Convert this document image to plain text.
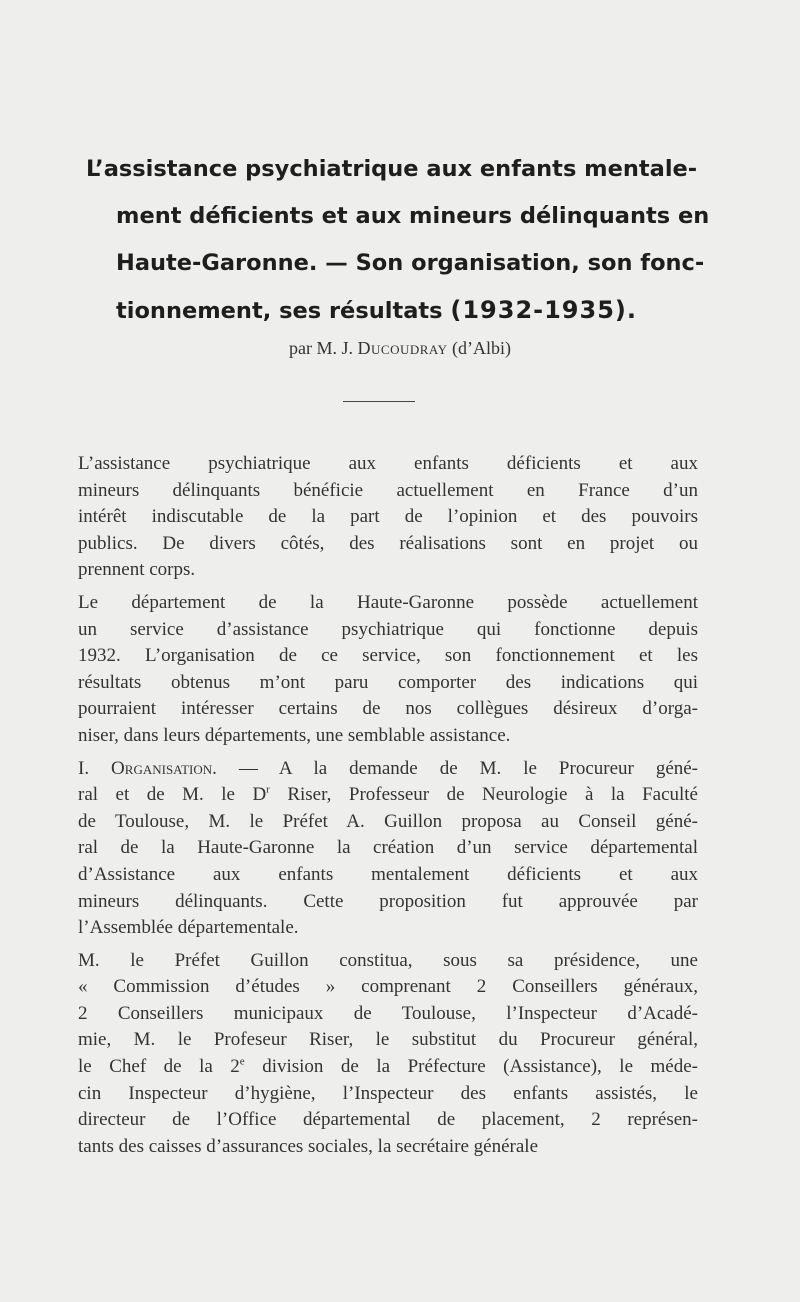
L’assistance psychiatrique aux enfants mentale-
ment déficients et aux mineurs délinquants en
Haute-Garonne. — Son organisation, son fonc-
tionnement, ses résultats (1932-1935).
par M. J. Ducoudray (d’Albi)

L’assistance psychiatrique aux enfants déficients et aux
mineurs délinquants bénéficie actuellement en France d’un
intérêt indiscutable de la part de l’opinion et des pouvoirs
publics. De divers côtés, des réalisations sont en projet ou
prennent corps.

Le département de la Haute-Garonne possède actuellement
un service d’assistance psychiatrique qui fonctionne depuis
1932. L’organisation de ce service, son fonctionnement et les
résultats obtenus m’ont paru comporter des indications qui
pourraient intéresser certains de nos collègues désireux d’orga-
niser, dans leurs départements, une semblable assistance.

I. Organisation. — A la demande de M. le Procureur géné-
ral et de M. le $D^r$ Riser, Professeur de Neurologie à la Faculté
de Toulouse, M. le Préfet A. Guillon proposa au Conseil géné-
ral de la Haute-Garonne la création d’un service départemental
d’Assistance aux enfants mentalement déficients et aux
mineurs délinquants. Cette proposition fut approuvée par
l’Assemblée départementale.

M. le Préfet Guillon constitua, sous sa présidence, une
« Commission d’études » comprenant 2 Conseillers généraux,
2 Conseillers municipaux de Toulouse, l’Inspecteur d’Acadé-
mie, M. le Profeseur Riser, le substitut du Procureur général,
le Chef de la 2e division de la Préfecture (Assistance), le méde-
cin Inspecteur d’hygiène, l’Inspecteur des enfants assistés, le
directeur de l’Office départemental de placement, 2 représen-
tants des caisses d’assurances sociales, la secrétaire générale
